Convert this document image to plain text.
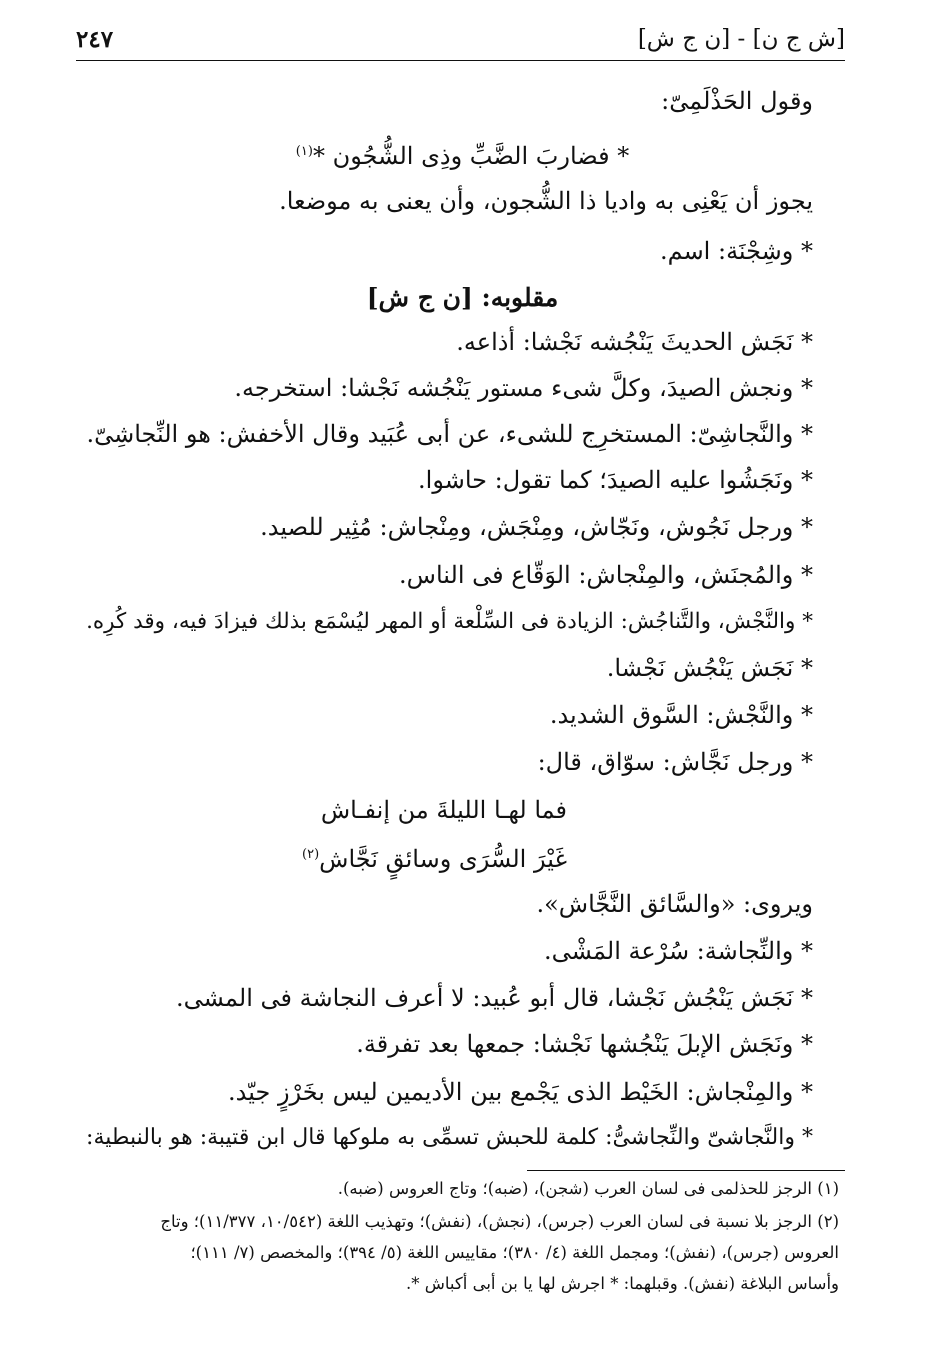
[ش ج ن] - [ن ج ش]
٢٤٧
وقول الحَذْلَمِىّ:
* فضاربَ الضَّبِّ وذِى الشُّجُون *$^{(١)}$
يجوز أن يَعْنِى به واديا ذا الشُّجون، وأن يعنى به موضعا.
* وشِجْنَة: اسم.
مقلوبه: [ن ج ش]
* نَجَش الحديثَ يَنْجُشه نَجْشا: أذاعه.
* ونجش الصيدَ، وكلَّ شىء مستور يَنْجُشه نَجْشا: استخرجه.
* والنَّجاشِىّ: المستخرِج للشىء، عن أبى عُبَيد وقال الأخفش: هو النِّجاشِىّ.
* ونَجَشُوا عليه الصيدَ؛ كما تقول: حاشوا.
* ورجل نَجُوش، ونَجّاش، ومِنْجَش، ومِنْجاش: مُثِير للصيد.
* والمُجنَش، والمِنْجاش: الوَقّاع فى الناس.
* والنَّجْش، والتَّناجُش: الزيادة فى السِّلْعة أو المهر ليُسْمَع بذلك فيزادَ فيه، وقد كُرِه.
* نَجَش يَنْجُش نَجْشا.
* والنَّجْش: السَّوق الشديد.
* ورجل نَجَّاش: سوّاق، قال:
فما لهـا الليلةَ من إنفـاش
غَيْرَ السُّرَى وسائقٍ نَجَّاش$^{(٢)}$
ويروى: «والسَّائق النَّجَّاش».
* والنِّجاشة: سُرْعة المَشْى.
* نَجَش يَنْجُش نَجْشا، قال أبو عُبيد: لا أعرف النجاشة فى المشى.
* ونَجَش الإبلَ يَنْجُشها نَجْشا: جمعها بعد تفرقة.
* والمِنْجاش: الخَيْط الذى يَجْمع بين الأديمين ليس بخَرْزٍ جيّد.
* والنَّجاشىّ والنِّجاشىُّ: كلمة للحبش تسمِّى به ملوكها قال ابن قتيبة: هو بالنبطية:
(١) الرجز للحذلمى فى لسان العرب (شجن)، (ضبه)؛ وتاج العروس (ضبه).
(٢) الرجز بلا نسبة فى لسان العرب (جرس)، (نجش)، (نفش)؛ وتهذيب اللغة (١٠/٥٤٢، ١١/٣٧٧)؛ وتاج
العروس (جرس)، (نفش)؛ ومجمل اللغة (٤/ ٣٨٠)؛ مقاييس اللغة (٥/ ٣٩٤)؛ والمخصص (٧/ ١١١)؛
وأساس البلاغة (نفش). وقبلهما: * اجرش لها يا بن أبى أكباش *.
